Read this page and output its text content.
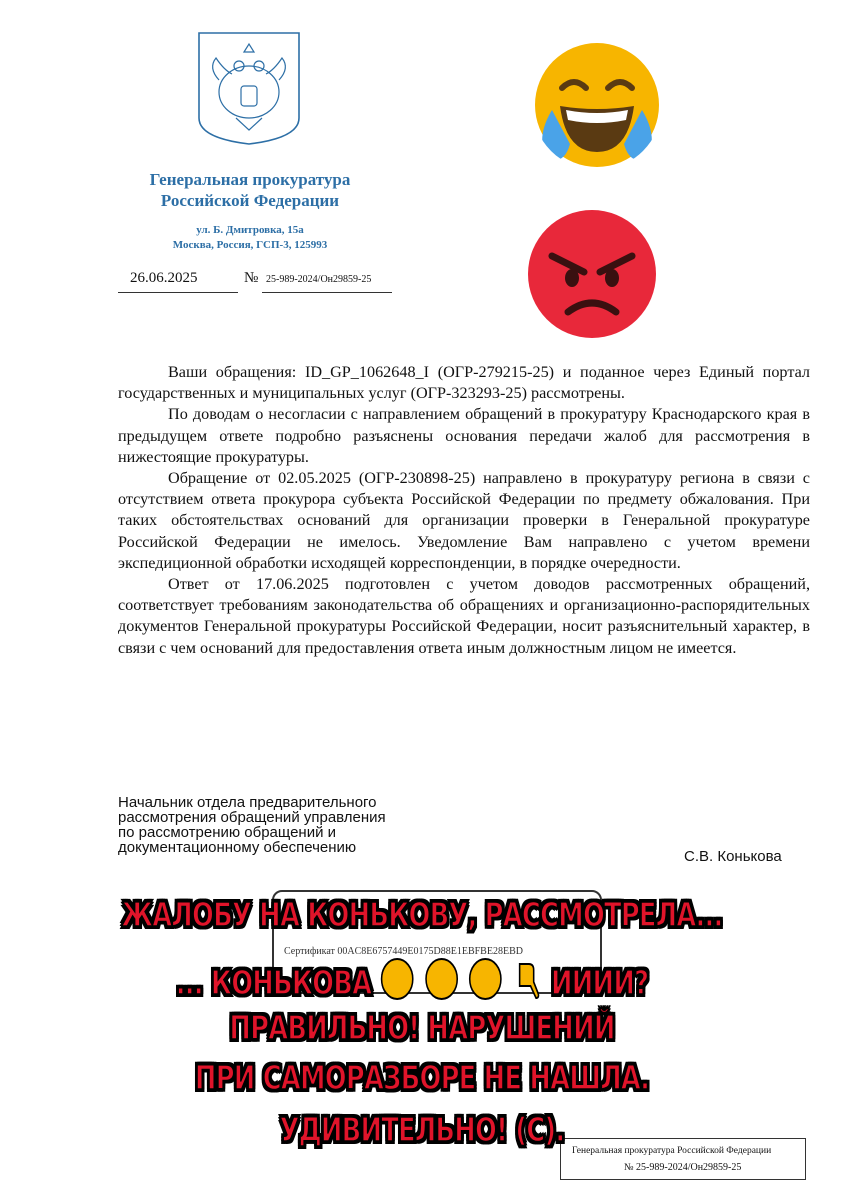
Генеральная прокуратура
Российской Федерации
ул. Б. Дмитровка, 15а
Москва, Россия, ГСП-3, 125993
26.06.2025	№ 25-989-2024/Он29859-25

Ваши обращения: ID_GP_1062648_I (ОГР-279215-25) и поданное через Единый портал государственных и муниципальных услуг (ОГР-323293-25) рассмотрены.

По доводам о несогласии с направлением обращений в прокуратуру Краснодарского края в предыдущем ответе подробно разъяснены основания передачи жалоб для рассмотрения в нижестоящие прокуратуры.

Обращение от 02.05.2025 (ОГР-230898-25) направлено в прокуратуру региона в связи с отсутствием ответа прокурора субъекта Российской Федерации по предмету обжалования. При таких обстоятельствах оснований для организации проверки в Генеральной прокуратуре Российской Федерации не имелось. Уведомление Вам направлено с учетом времени экспедиционной обработки исходящей корреспонденции, в порядке очередности.

Ответ от 17.06.2025 подготовлен с учетом доводов рассмотренных обращений, соответствует требованиям законодательства об обращениях и организационно-распорядительных документов Генеральной прокуратуры Российской Федерации, носит разъяснительный характер, в связи с чем оснований для предоставления ответа иным должностным лицом не имеется.

Начальник отдела предварительного
рассмотрения обращений управления
по рассмотрению обращений и
документационному обеспечению
С.В. Конькова
Сертификат 00AC8E6757449E0175D88E1EBFBE28EBD
Генеральная прокуратура Российской Федерации
№ 25-989-2024/Он29859-25
ЖАЛОБУ НА КОНЬКОВУ, РАССМОТРЕЛА...
... КОНЬКОВА	ИИИИ?
ПРАВИЛЬНО! НАРУШЕНИЙ
ПРИ САМОРАЗБОРЕ НЕ НАШЛА.
УДИВИТЕЛЬНО! (С).
